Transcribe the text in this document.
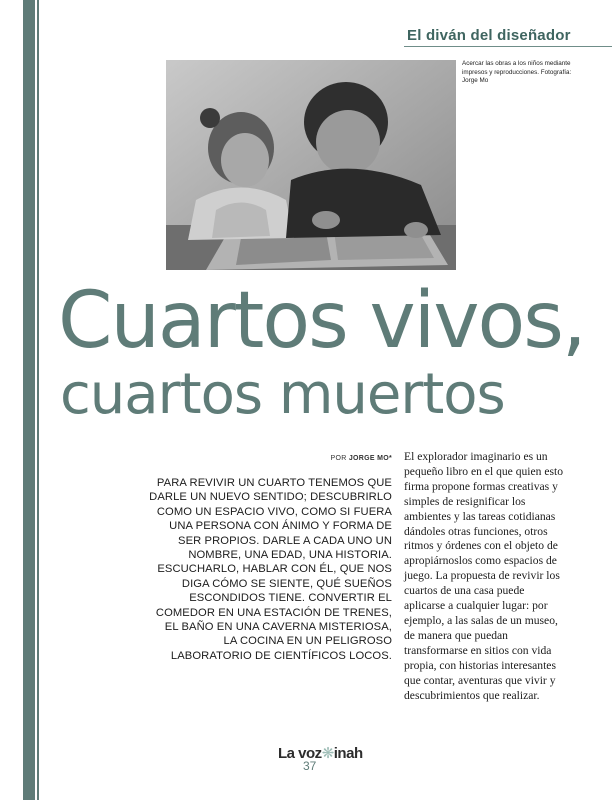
El diván del diseñador
Acercar las obras a los niños mediante impresos y reproducciones. Fotografía: Jorge Mo
Cuartos vivos,
cuartos muertos
POR JORGE MO*
PARA REVIVIR UN CUARTO TENEMOS QUE DARLE UN NUEVO SENTIDO; DESCUBRIRLO COMO UN ESPACIO VIVO, COMO SI FUERA UNA PERSONA CON ÁNIMO Y FORMA DE SER PROPIOS. DARLE A CADA UNO UN NOMBRE, UNA EDAD, UNA HISTORIA. ESCUCHARLO, HABLAR CON ÉL, QUE NOS DIGA CÓMO SE SIENTE, QUÉ SUEÑOS ESCONDIDOS TIENE. CONVERTIR EL COMEDOR EN UNA ESTACIÓN DE TRENES, EL BAÑO EN UNA CAVERNA MISTERIOSA, LA COCINA EN UN PELIGROSO LABORATORIO DE CIENTÍFICOS LOCOS.
El explorador imaginario es un pequeño libro en el que quien esto firma propone formas creativas y simples de resignificar los ambientes y las tareas cotidianas dándoles otras funciones, otros ritmos y órdenes con el objeto de apropiárnoslos como espacios de juego. La propuesta de revivir los cuartos de una casa puede aplicarse a cualquier lugar: por ejemplo, a las salas de un museo, de manera que puedan transformarse en sitios con vida propia, con historias interesantes que contar, aventuras que vivir y descubrimientos que realizar.
La voz❋inah
37
